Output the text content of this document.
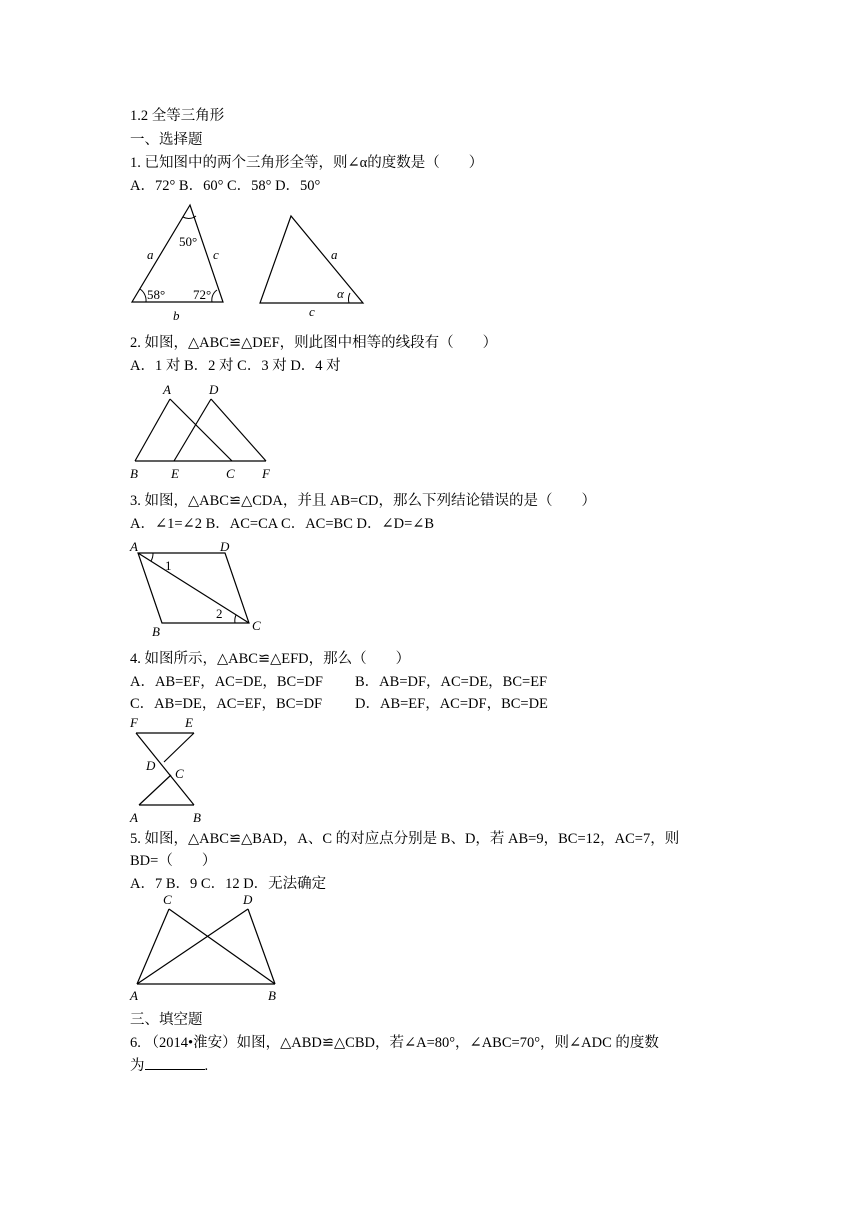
1.2 全等三角形
一、选择题
1. 已知图中的两个三角形全等，则∠α的度数是（　　）
A．72° B．60° C．58° D．50°
50°
58° 72°
a	c
b
a
α
c
2. 如图，△ABC≌△DEF，则此图中相等的线段有（　　）
A．1 对 B．2 对 C．3 对 D．4 对
A	D
B	E	C F
3. 如图，△ABC≌△CDA，并且 AB=CD，那么下列结论错误的是（　　）
A．∠1=∠2 B．AC=CA C．AC=BC D．∠D=∠B
A	D
B	C
1
2
4. 如图所示，△ABC≌△EFD，那么（　　）
A．AB=EF，AC=DE，BC=DF B．AB=DF，AC=DE，BC=EF
C．AB=DE，AC=EF，BC=DF D．AB=EF，AC=DF，BC=DE
F	E
D
C
A	B
5. 如图，△ABC≌△BAD，A、C 的对应点分别是 B、D，若 AB=9，BC=12，AC=7，则
BD=（　　）
A．7 B．9 C．12 D．无法确定
C	D
A	B
三、填空题
6. （2014•淮安）如图，△ABD≌△CBD，若∠A=80°，∠ABC=70°，则∠ADC 的度数
为	.
